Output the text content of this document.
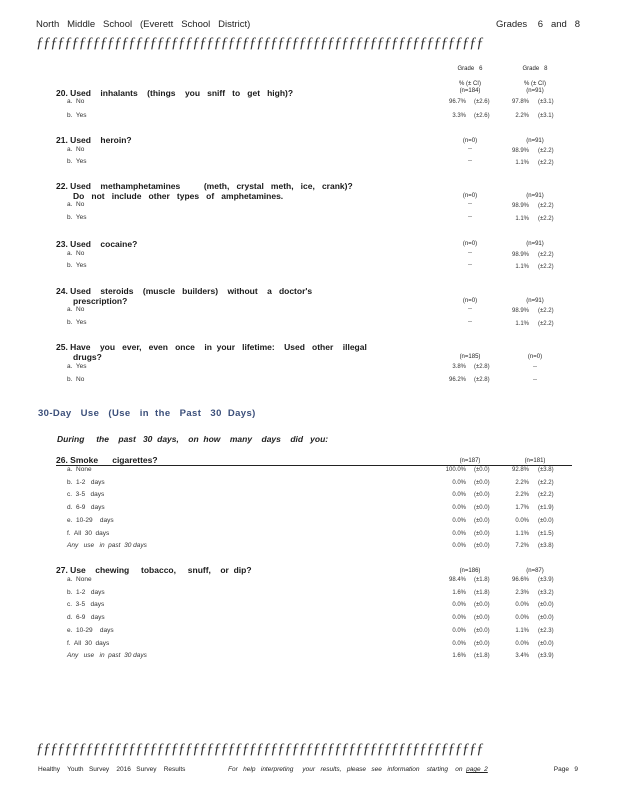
North   Middle   School   (Everett   School   District)	Grades    6   and   8
ƒƒƒƒƒƒƒƒƒƒƒƒƒƒƒƒƒƒƒƒƒƒƒƒƒƒƒƒƒƒƒƒƒƒƒƒƒƒƒƒƒƒƒƒƒƒƒƒƒƒƒƒƒƒƒƒƒƒƒƒƒƒƒ
Grade   6	Grade   8
% (± CI)	% (± CI)
20. Used    inhalants    (things    you   sniff   to   get   high)?	(n=184)	(n=91)
a.  No	96.7% (±2.6)	97.8% (±3.1)
b.  Yes	3.3% (±2.6)	2.2% (±3.1)
21. Used    heroin?	(n=0)	(n=91)
a.  No	--	98.9% (±2.2)
b.  Yes	--	1.1% (±2.2)
22. Used    methamphetamines          (meth,   crystal   meth,   ice,   crank)?
Do   not   include   other   types   of   amphetamines.	(n=0)	(n=91)
a.  No	--	98.9% (±2.2)
b.  Yes	--	1.1% (±2.2)
23. Used    cocaine?	(n=0)	(n=91)
a.  No	--	98.9% (±2.2)
b.  Yes	--	1.1% (±2.2)
24. Used    steroids    (muscle   builders)    without    a   doctor's
prescription?	(n=0)	(n=91)
a.  No	--	98.9% (±2.2)
b.  Yes	--	1.1% (±2.2)
25. Have    you   ever,   even   once    in  your   lifetime:    Used   other    illegal
drugs?	(n=185)	(n=0)
a.  Yes	3.8% (±2.8)	--
b.  No	96.2% (±2.8)	--
30-Day   Use   (Use   in  the   Past   30  Days)
During     the    past   30  days,    on  how    many    days    did   you:
26. Smoke      cigarettes?	(n=187)	(n=181)
a.  None	100.0% (±0.0)	92.8% (±3.8)
b.  1-2   days	0.0% (±0.0)	2.2% (±2.2)
c.  3-5   days	0.0% (±0.0)	2.2% (±2.2)
d.  6-9   days	0.0% (±0.0)	1.7% (±1.9)
e.  10-29    days	0.0% (±0.0)	0.0% (±0.0)
f.  All  30  days	0.0% (±0.0)	1.1% (±1.5)
Any   use   in  past  30 days	0.0% (±0.0)	7.2% (±3.8)
27. Use    chewing     tobacco,     snuff,    or  dip?	(n=186)	(n=87)
a.  None	98.4% (±1.8)	96.6% (±3.9)
b.  1-2   days	1.6% (±1.8)	2.3% (±3.2)
c.  3-5   days	0.0% (±0.0)	0.0% (±0.0)
d.  6-9   days	0.0% (±0.0)	0.0% (±0.0)
e.  10-29    days	0.0% (±0.0)	1.1% (±2.3)
f.  All  30  days	0.0% (±0.0)	0.0% (±0.0)
Any   use   in  past  30 days	1.6% (±1.8)	3.4% (±3.9)
ƒƒƒƒƒƒƒƒƒƒƒƒƒƒƒƒƒƒƒƒƒƒƒƒƒƒƒƒƒƒƒƒƒƒƒƒƒƒƒƒƒƒƒƒƒƒƒƒƒƒƒƒƒƒƒƒƒƒƒƒƒƒƒ
Healthy    Youth   Survey    2016   Survey    Results	For   help   interpreting     your   results,   please   see   information    starting    on page  2	Page   9
